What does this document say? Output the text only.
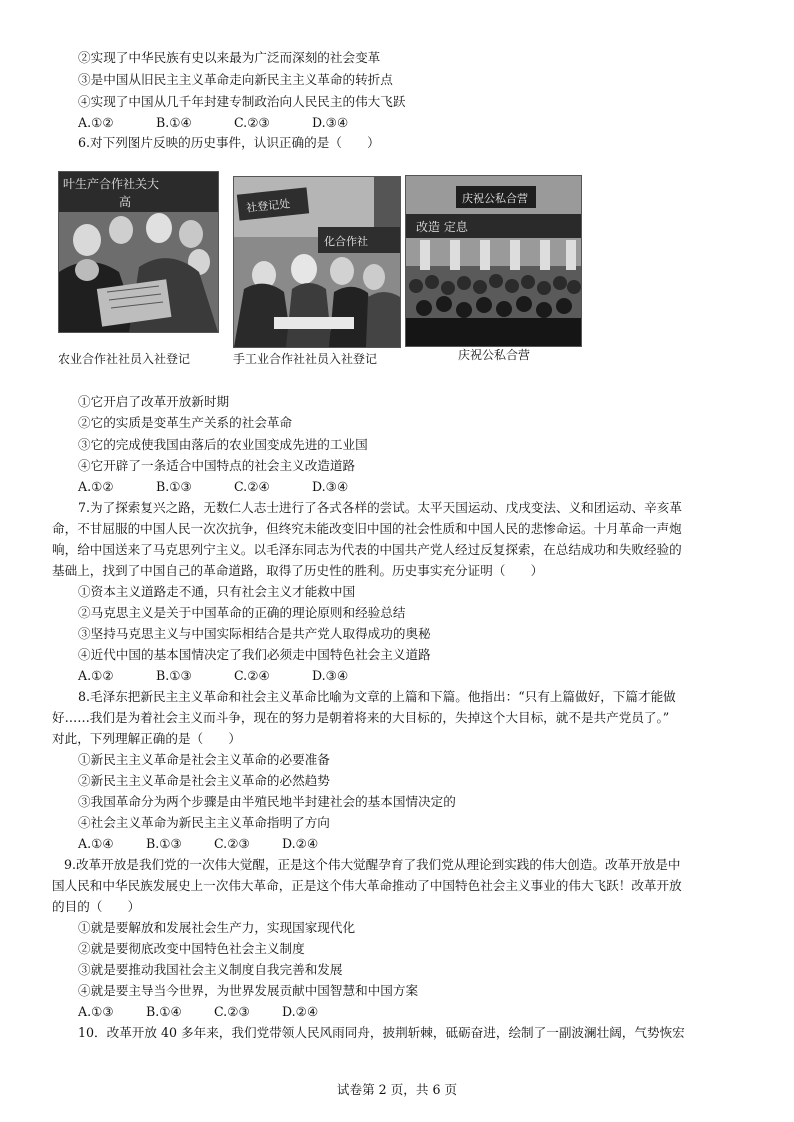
②实现了中华民族有史以来最为广泛而深刻的社会变革
③是中国从旧民主主义革命走向新民主主义革命的转折点
④实现了中国从几千年封建专制政治向人民民主的伟大飞跃
A.①②	B.①④	C.②③	D.③④
6.对下列图片反映的历史事件，认识正确的是（　　）
叶生产合作社关大
高
农业合作社社员入社登记
社登记处
化合作社
手工业合作社社员入社登记
庆祝公私合营
改造 定息
庆祝公私合营
①它开启了改革开放新时期
②它的实质是变革生产关系的社会革命
③它的完成使我国由落后的农业国变成先进的工业国
④它开辟了一条适合中国特点的社会主义改造道路
A.①②	B.①③	C.②④	D.③④
7.为了探索复兴之路，无数仁人志士进行了各式各样的尝试。太平天国运动、戊戌变法、义和团运动、辛亥革
命，不甘屈服的中国人民一次次抗争，但终究未能改变旧中国的社会性质和中国人民的悲惨命运。十月革命一声炮
响，给中国送来了马克思列宁主义。以毛泽东同志为代表的中国共产党人经过反复探索，在总结成功和失败经验的
基础上，找到了中国自己的革命道路，取得了历史性的胜利。历史事实充分证明（　　）
①资本主义道路走不通，只有社会主义才能救中国
②马克思主义是关于中国革命的正确的理论原则和经验总结
③坚持马克思主义与中国实际相结合是共产党人取得成功的奥秘
④近代中国的基本国情决定了我们必须走中国特色社会主义道路
A.①②	B.①③	C.②④	D.③④
8.毛泽东把新民主主义革命和社会主义革命比喻为文章的上篇和下篇。他指出：“只有上篇做好，下篇才能做
好……我们是为着社会主义而斗争，现在的努力是朝着将来的大目标的，失掉这个大目标，就不是共产党员了。”
对此，下列理解正确的是（　　）
①新民主主义革命是社会主义革命的必要准备
②新民主主义革命是社会主义革命的必然趋势
③我国革命分为两个步骤是由半殖民地半封建社会的基本国情决定的
④社会主义革命为新民主主义革命指明了方向
A.①④	B.①③	C.②③	D.②④
9.改革开放是我们党的一次伟大觉醒，正是这个伟大觉醒孕育了我们党从理论到实践的伟大创造。改革开放是中
国人民和中华民族发展史上一次伟大革命，正是这个伟大革命推动了中国特色社会主义事业的伟大飞跃！改革开放
的目的（　　）
①就是要解放和发展社会生产力，实现国家现代化
②就是要彻底改变中国特色社会主义制度
③就是要推动我国社会主义制度自我完善和发展
④就是要主导当今世界，为世界发展贡献中国智慧和中国方案
A.①③	B.①④	C.②③	D.②④
10．改革开放 40 多年来，我们党带领人民风雨同舟，披荆斩棘，砥砺奋进，绘制了一副波澜壮阔，气势恢宏
试卷第 2 页，共 6 页
